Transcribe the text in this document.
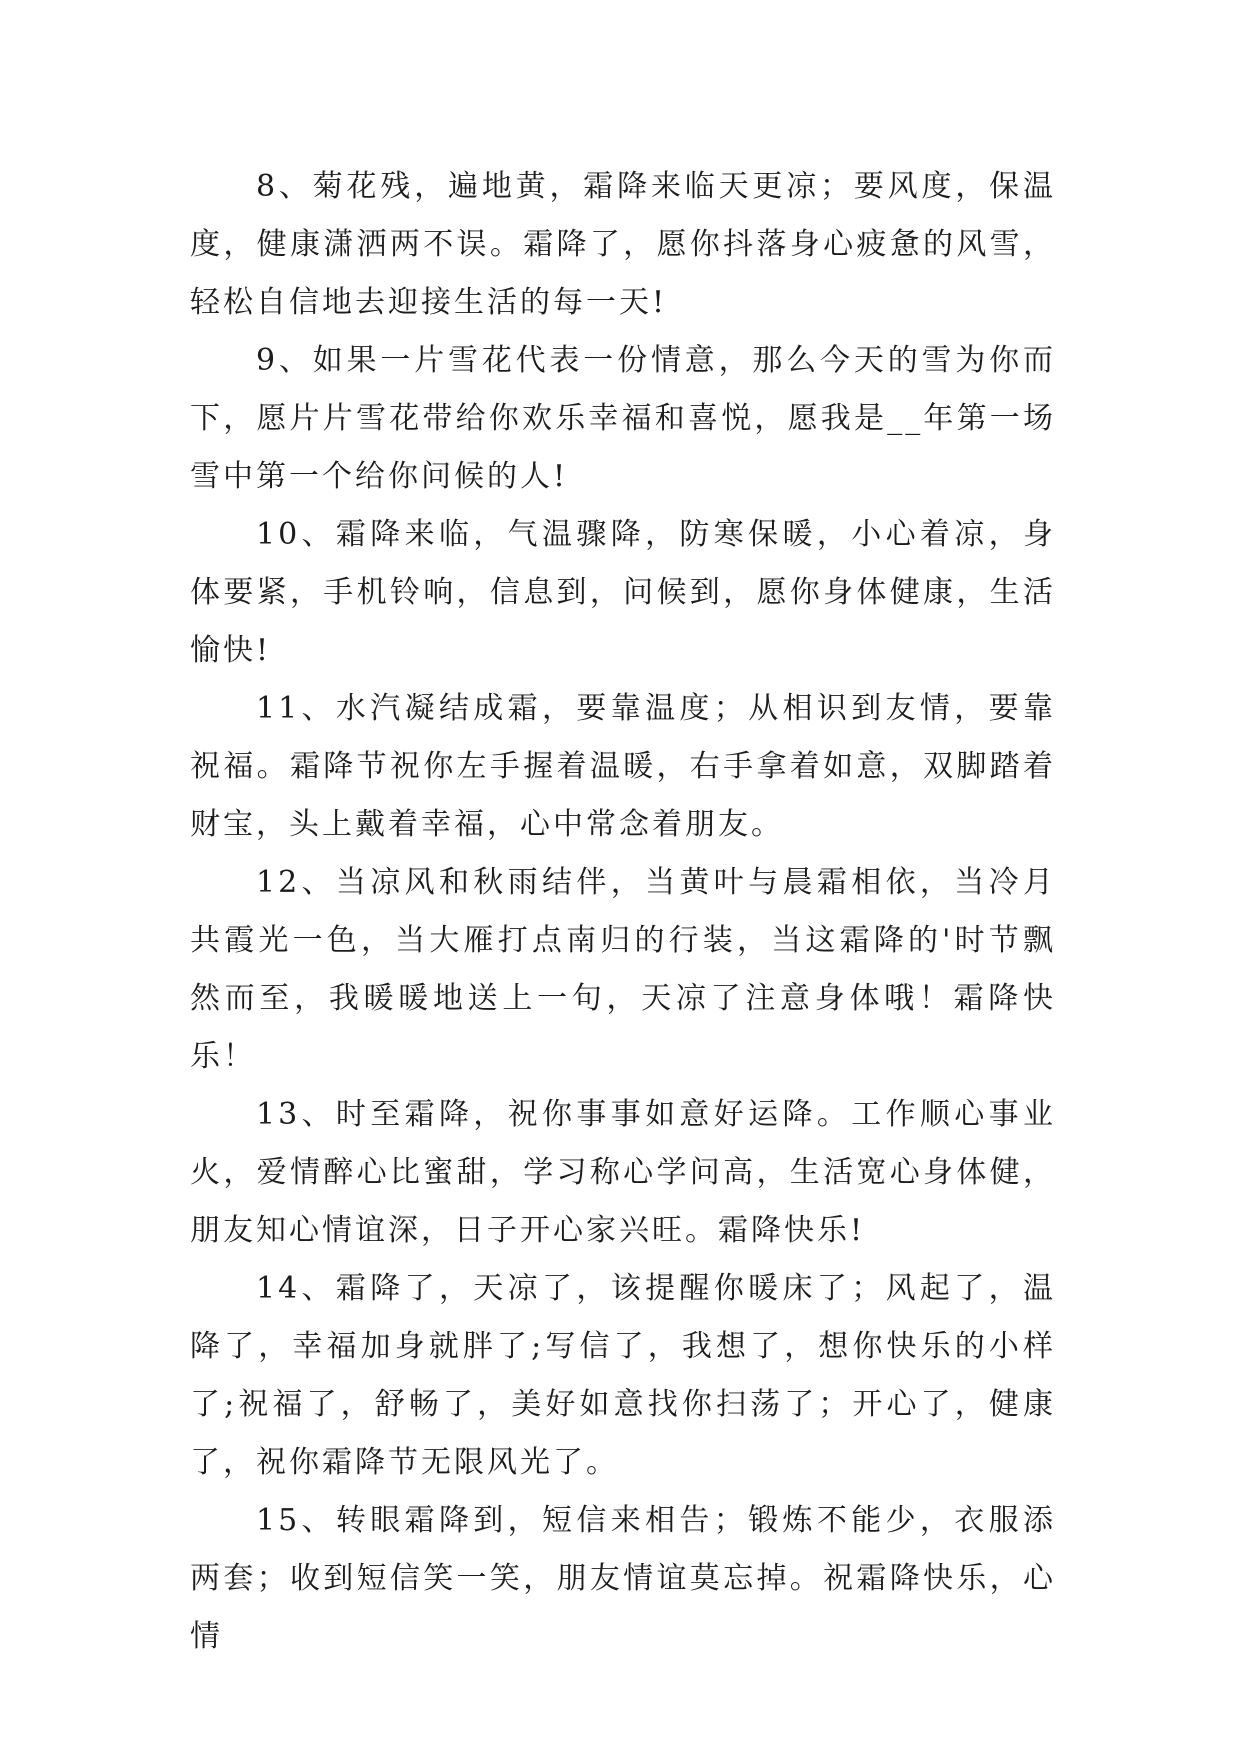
8、菊花残，遍地黄，霜降来临天更凉；要风度，保温度，健康潇洒两不误。霜降了，愿你抖落身心疲惫的风雪，轻松自信地去迎接生活的每一天!

9、如果一片雪花代表一份情意，那么今天的雪为你而下，愿片片雪花带给你欢乐幸福和喜悦，愿我是__年第一场雪中第一个给你问候的人!

10、霜降来临，气温骤降，防寒保暖，小心着凉，身体要紧，手机铃响，信息到，问候到，愿你身体健康，生活愉快!

11、水汽凝结成霜，要靠温度；从相识到友情，要靠祝福。霜降节祝你左手握着温暖，右手拿着如意，双脚踏着财宝，头上戴着幸福，心中常念着朋友。

12、当凉风和秋雨结伴，当黄叶与晨霜相依，当冷月共霞光一色，当大雁打点南归的行装，当这霜降的'时节飘然而至，我暖暖地送上一句，天凉了注意身体哦！霜降快乐！

13、时至霜降，祝你事事如意好运降。工作顺心事业火，爱情醉心比蜜甜，学习称心学问高，生活宽心身体健，朋友知心情谊深，日子开心家兴旺。霜降快乐!

14、霜降了，天凉了，该提醒你暖床了；风起了，温降了，幸福加身就胖了;写信了，我想了，想你快乐的小样了;祝福了，舒畅了，美好如意找你扫荡了；开心了，健康了，祝你霜降节无限风光了。

15、转眼霜降到，短信来相告；锻炼不能少，衣服添两套；收到短信笑一笑，朋友情谊莫忘掉。祝霜降快乐，心情
